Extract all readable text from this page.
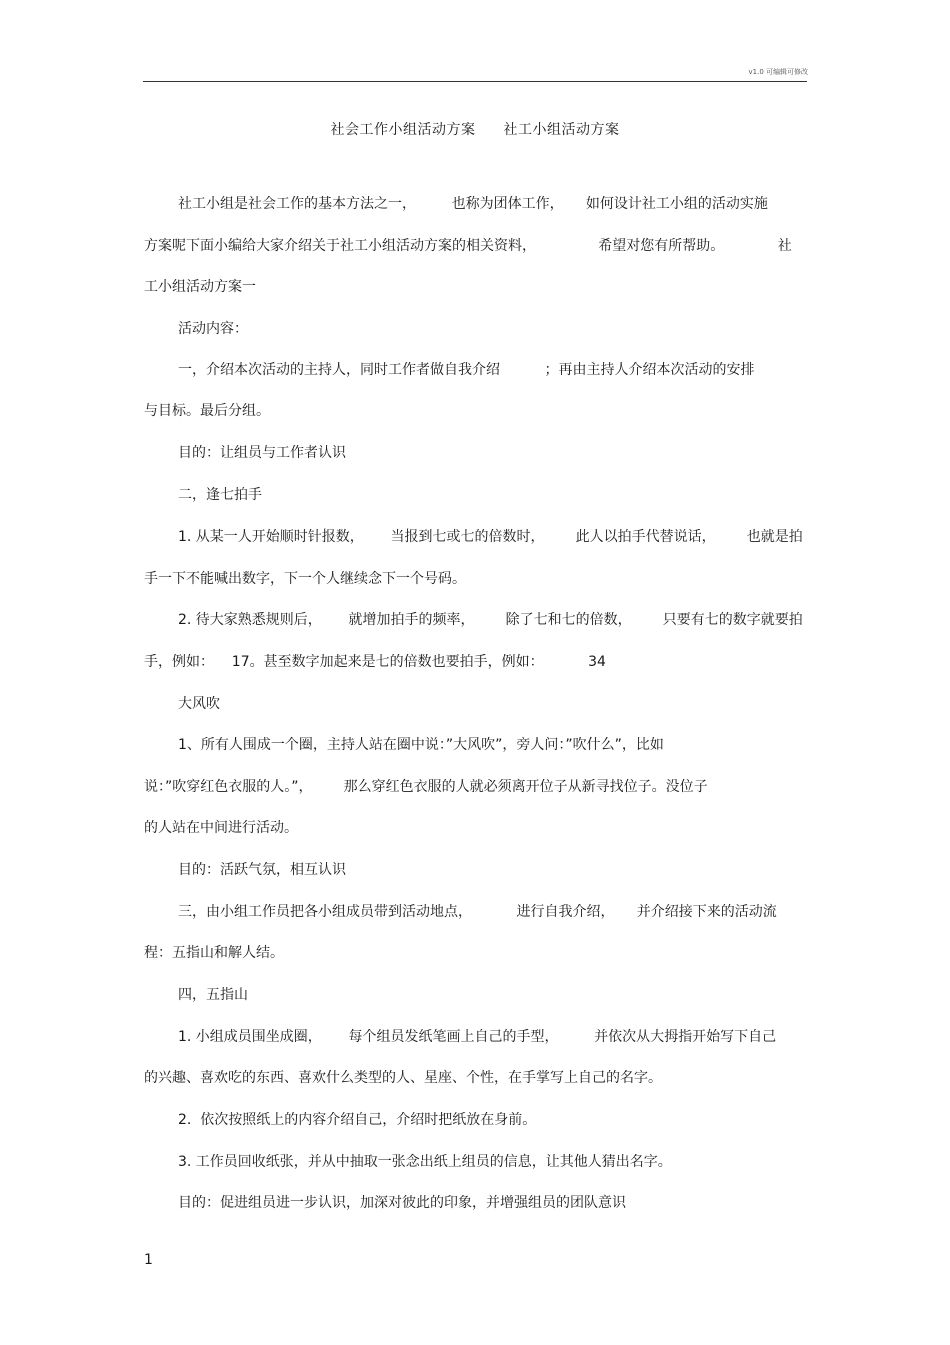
v1.0 可编辑可修改
社会工作小组活动方案 社工小组活动方案
社工小组是社会工作的基本方法之一，        也称为团体工作，     如何设计社工小组的活动实施
方案呢下面小编给大家介绍关于社工小组活动方案的相关资料，              希望对您有所帮助。            社
工小组活动方案一
活动内容：
一，介绍本次活动的主持人，同时工作者做自我介绍          ；再由主持人介绍本次活动的安排
与目标。最后分组。
目的：让组员与工作者认识
二，逢七拍手
1. 从某一人开始顺时针报数，      当报到七或七的倍数时，       此人以拍手代替说话，       也就是拍
手一下不能喊出数字，下一个人继续念下一个号码。
2. 待大家熟悉规则后，      就增加拍手的频率，       除了七和七的倍数，       只要有七的数字就要拍
手，例如：    17。甚至数字加起来是七的倍数也要拍手，例如：          34
大风吹
1、所有人围成一个圈，主持人站在圈中说：”大风吹”，旁人问：”吹什么”，比如
说：”吹穿红色衣服的人。”，       那么穿红色衣服的人就必须离开位子从新寻找位子。没位子
的人站在中间进行活动。
目的：活跃气氛，相互认识
三，由小组工作员把各小组成员带到活动地点，          进行自我介绍，     并介绍接下来的活动流
程：五指山和解人结。
四，五指山
1. 小组成员围坐成圈，      每个组员发纸笔画上自己的手型，        并依次从大拇指开始写下自己
的兴趣、喜欢吃的东西、喜欢什么类型的人、星座、个性，在手掌写上自己的名字。
2.  依次按照纸上的内容介绍自己，介绍时把纸放在身前。
3. 工作员回收纸张，并从中抽取一张念出纸上组员的信息，让其他人猜出名字。
目的：促进组员进一步认识，加深对彼此的印象，并增强组员的团队意识
1
